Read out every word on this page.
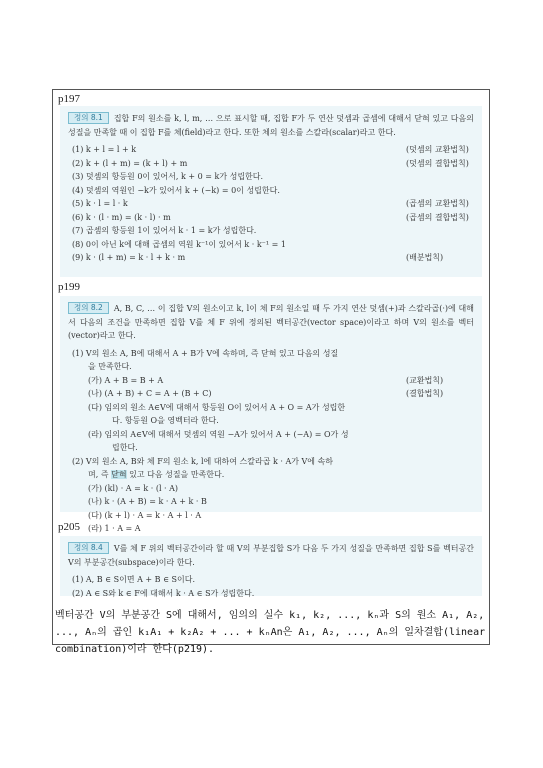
p197

정의 8.1 집합 F의 원소를 k, l, m, … 으로 표시할 때, 집합 F가 두 연산 덧셈과 곱셈에 대해서 닫혀 있고 다음의 성질을 만족할 때 이 집합 F를 체(field)라고 한다. 또한 체의 원소를 스칼라(scalar)라고 한다.

(1) k + l = l + k	(덧셈의 교환법칙)
(2) k + (l + m) = (k + l) + m	(덧셈의 결합법칙)
(3) 덧셈의 항등원 0이 있어서, k + 0 = k가 성립한다.
(4) 덧셈의 역원인 −k가 있어서 k + (−k) = 0이 성립한다.
(5) k · l = l · k	(곱셈의 교환법칙)
(6) k · (l · m) = (k · l) · m	(곱셈의 결합법칙)
(7) 곱셈의 항등원 1이 있어서 k · 1 = k가 성립한다.
(8) 0이 아닌 k에 대해 곱셈의 역원 k⁻¹이 있어서 k · k⁻¹ = 1
(9) k · (l + m) = k · l + k · m	(배분법칙)
p199

정의 8.2 A, B, C, … 이 집합 V의 원소이고 k, l이 체 F의 원소일 때 두 가지 연산 덧셈(+)과 스칼라곱(·)에 대해서 다음의 조건을 만족하면 집합 V를 체 F 위에 정의된 벡터공간(vector space)이라고 하며 V의 원소를 벡터(vector)라고 한다.

(1) V의 원소 A, B에 대해서 A + B가 V에 속하며, 즉 닫혀 있고 다음의 성질
을 만족한다.
(가) A + B = B + A	(교환법칙)
(나) (A + B) + C = A + (B + C)	(결합법칙)
(다) 임의의 원소 A∈V에 대해서 항등원 O이 있어서 A + O = A가 성립한
다. 항등원 O을 영벡터라 한다.
(라) 임의의 A∈V에 대해서 덧셈의 역원 −A가 있어서 A + (−A) = O가 성
립한다.
(2) V의 원소 A, B와 체 F의 원소 k, l에 대하여 스칼라곱 k · A가 V에 속하
며, 즉 닫혀 있고 다음 성질을 만족한다.
(가) (kl) · A = k · (l · A)
(나) k · (A + B) = k · A + k · B
(다) (k + l) · A = k · A + l · A
(라) 1 · A = A
p205

정의 8.4 V를 체 F 위의 벡터공간이라 할 때 V의 부분집합 S가 다음 두 가지 성질을 만족하면 집합 S를 벡터공간 V의 부분공간(subspace)이라 한다.

(1) A, B ∈ S이면 A + B ∈ S이다.
(2) A ∈ S와 k ∈ F에 대해서 k · A ∈ S가 성립한다.
벡터공간 V의 부분공간 S에 대해서, 임의의 실수 k₁, k₂, ..., kₙ과 S의 원소 A₁, A₂, ..., Aₙ의 곱인 k₁A₁ + k₂A₂ + ... + kₙAn은 A₁, A₂, ..., Aₙ의 일차결합(linear combination)이라 한다(p219).
